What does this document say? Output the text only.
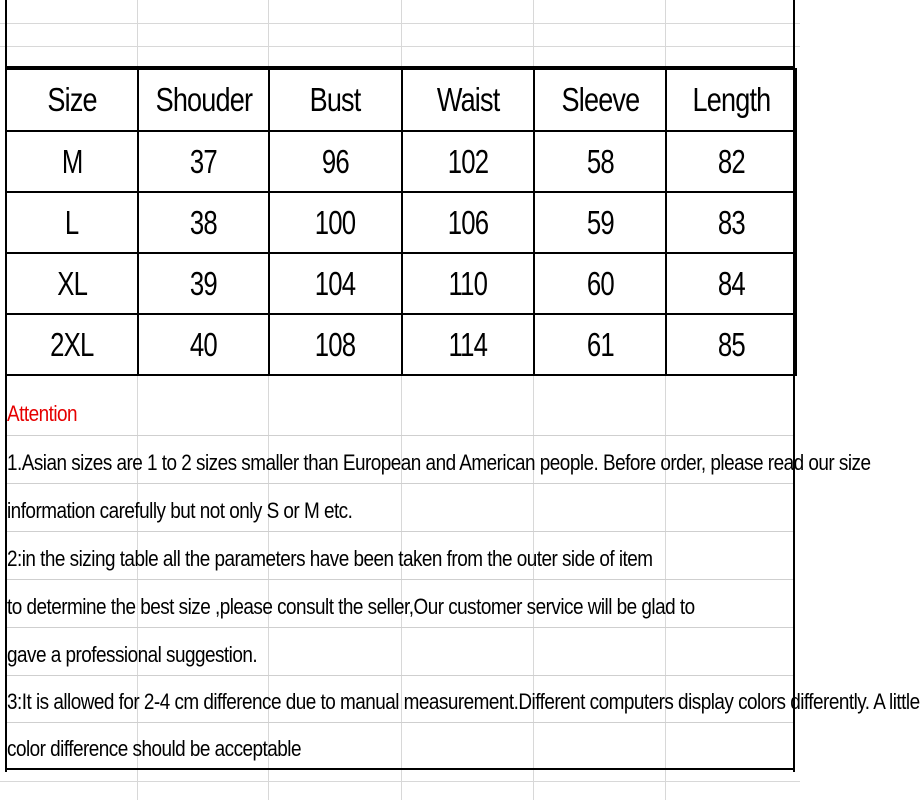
Size	Shouder	Bust	Waist	Sleeve	Length
M	37	96	102	58	82
L	38	100	106	59	83
XL	39	104	110	60	84
2XL	40	108	114	61	85
Attention
1.Asian sizes are 1 to 2 sizes smaller than European and American people. Before order, please read our size
information carefully but not only S or M etc.
2:in the sizing table all the parameters have been taken from the outer side of item
to determine the best size ,please consult the seller,Our customer service will be glad to
gave a professional suggestion.
3:It is allowed for 2-4 cm difference due to manual measurement.Different computers display colors differently. A little
color difference should be acceptable
